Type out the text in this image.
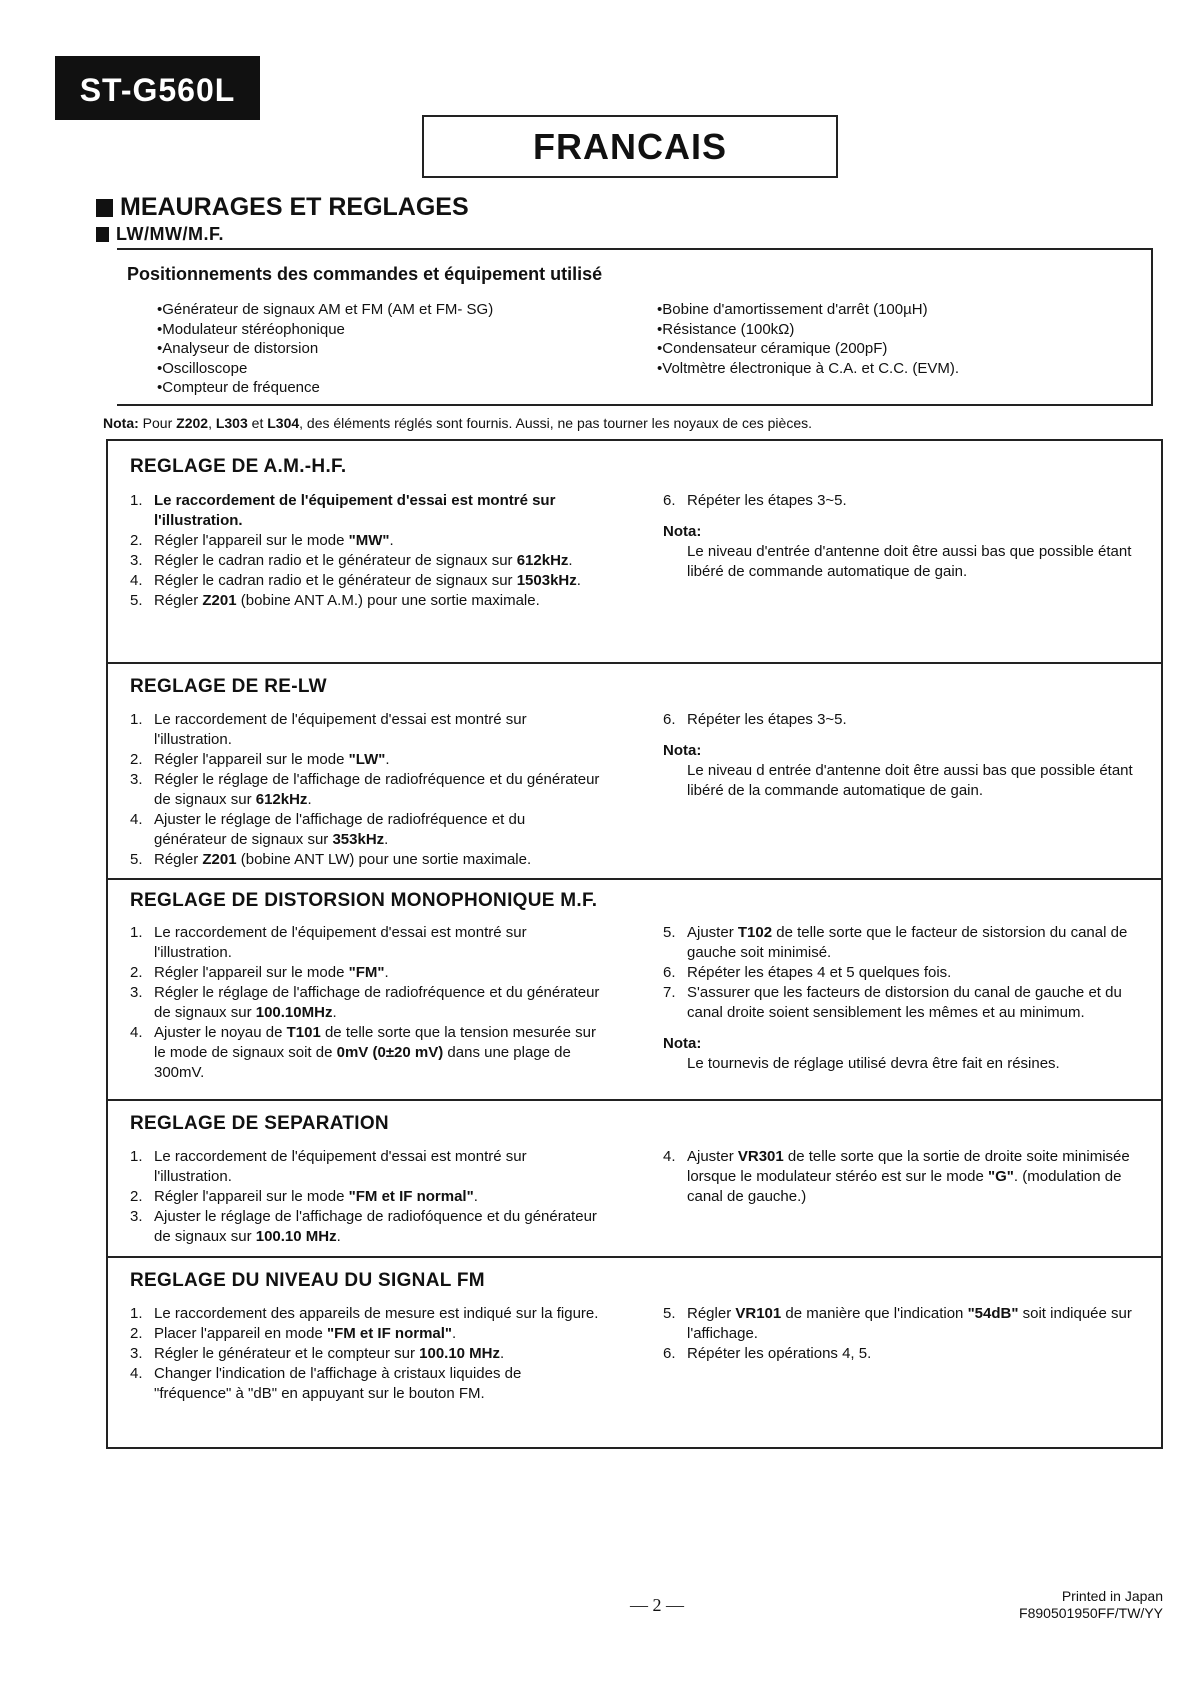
ST-G560L
FRANCAIS
MEAURAGES ET REGLAGES
LW/MW/M.F.
Positionnements des commandes et équipement utilisé
• Générateur de signaux AM et FM (AM et FM- SG)
• Modulateur stéréophonique
• Analyseur de distorsion
• Oscilloscope
• Compteur de fréquence
• Bobine d'amortissement d'arrêt (100µH)
• Résistance (100kΩ)
• Condensateur céramique (200pF)
• Voltmètre électronique à C.A. et C.C. (EVM).
Nota: Pour Z202, L303 et L304, des éléments réglés sont fournis. Aussi, ne pas tourner les noyaux de ces pièces.
REGLAGE DE A.M.-H.F.
1. Le raccordement de l'équipement d'essai est montré sur l'illustration.
2. Régler l'appareil sur le mode "MW".
3. Régler le cadran radio et le générateur de signaux sur 612kHz.
4. Régler le cadran radio et le générateur de signaux sur 1503kHz.
5. Régler Z201 (bobine ANT A.M.) pour une sortie maximale.
6. Répéter les étapes 3~5.
Nota:
Le niveau d'entrée d'antenne doit être aussi bas que possible étant libéré de commande automatique de gain.
REGLAGE DE RE-LW
1. Le raccordement de l'équipement d'essai est montré sur l'illustration.
2. Régler l'appareil sur le mode "LW".
3. Régler le réglage de l'affichage de radiofréquence et du générateur de signaux sur 612kHz.
4. Ajuster le réglage de l'affichage de radiofréquence et du générateur de signaux sur 353kHz.
5. Régler Z201 (bobine ANT LW) pour une sortie maximale.
6. Répéter les étapes 3~5.
Nota:
Le niveau d entrée d'antenne doit être aussi bas que possible étant libéré de la commande automatique de gain.
REGLAGE DE DISTORSION MONOPHONIQUE M.F.
1. Le raccordement de l'équipement d'essai est montré sur l'illustration.
2. Régler l'appareil sur le mode "FM".
3. Régler le réglage de l'affichage de radiofréquence et du générateur de signaux sur 100.10MHz.
4. Ajuster le noyau de T101 de telle sorte que la tension mesurée sur le mode de signaux soit de 0mV (0±20 mV) dans une plage de 300mV.
5. Ajuster T102 de telle sorte que le facteur de sistorsion du canal de gauche soit minimisé.
6. Répéter les étapes 4 et 5 quelques fois.
7. S'assurer que les facteurs de distorsion du canal de gauche et du canal droite soient sensiblement les mêmes et au minimum.
Nota:
Le tournevis de réglage utilisé devra être fait en résines.
REGLAGE DE SEPARATION
1. Le raccordement de l'équipement d'essai est montré sur l'illustration.
2. Régler l'appareil sur le mode "FM et IF normal".
3. Ajuster le réglage de l'affichage de radiofóquence et du générateur de signaux sur 100.10 MHz.
4. Ajuster VR301 de telle sorte que la sortie de droite soite minimisée lorsque le modulateur stéréo est sur le mode "G". (modulation de canal de gauche.)
REGLAGE DU NIVEAU DU SIGNAL FM
1. Le raccordement des appareils de mesure est indiqué sur la figure.
2. Placer l'appareil en mode "FM et IF normal".
3. Régler le générateur et le compteur sur 100.10 MHz.
4. Changer l'indication de l'affichage à cristaux liquides de "fréquence" à "dB" en appuyant sur le bouton FM.
5. Régler VR101 de manière que l'indication "54dB" soit indiquée sur l'affichage.
6. Répéter les opérations 4, 5.
— 2 —	Printed in Japan
F890501950FF/TW/YY
